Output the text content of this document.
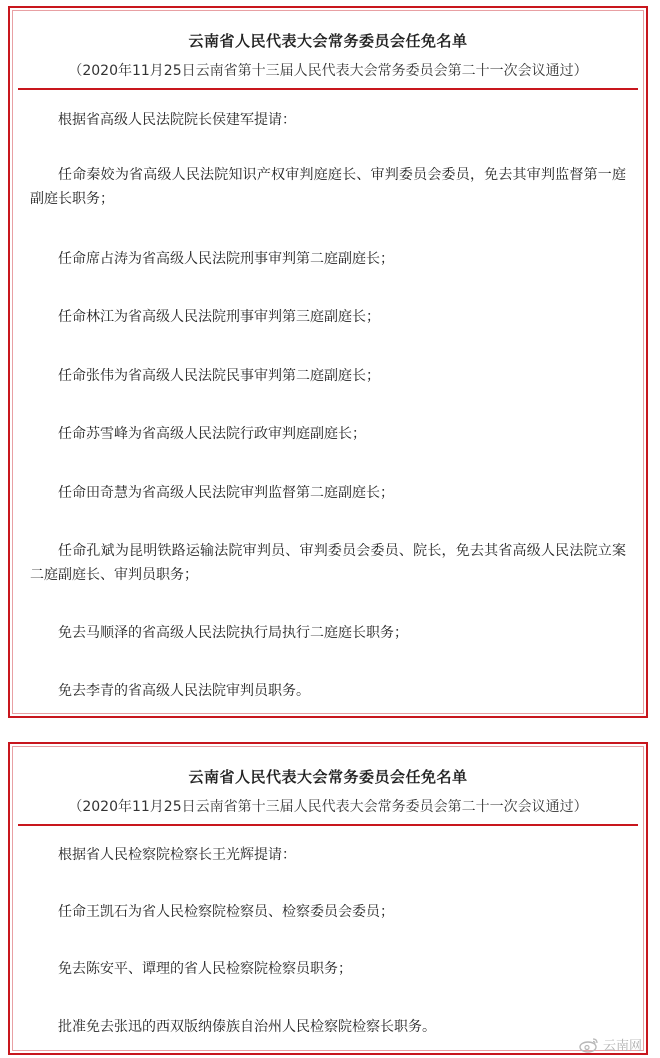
云南省人民代表大会常务委员会任免名单
（2020年11月25日云南省第十三届人民代表大会常务委员会第二十一次会议通过）
根据省高级人民法院院长侯建军提请：
任命秦姣为省高级人民法院知识产权审判庭庭长、审判委员会委员，免去其审判监督第一庭副庭长职务；
任命席占涛为省高级人民法院刑事审判第二庭副庭长；
任命林江为省高级人民法院刑事审判第三庭副庭长；
任命张伟为省高级人民法院民事审判第二庭副庭长；
任命苏雪峰为省高级人民法院行政审判庭副庭长；
任命田奇慧为省高级人民法院审判监督第二庭副庭长；
任命孔斌为昆明铁路运输法院审判员、审判委员会委员、院长，免去其省高级人民法院立案二庭副庭长、审判员职务；
免去马顺泽的省高级人民法院执行局执行二庭庭长职务；
免去李青的省高级人民法院审判员职务。
云南省人民代表大会常务委员会任免名单
（2020年11月25日云南省第十三届人民代表大会常务委员会第二十一次会议通过）
根据省人民检察院检察长王光辉提请：
任命王凯石为省人民检察院检察员、检察委员会委员；
免去陈安平、谭理的省人民检察院检察员职务；
批准免去张迅的西双版纳傣族自治州人民检察院检察长职务。
云南网
